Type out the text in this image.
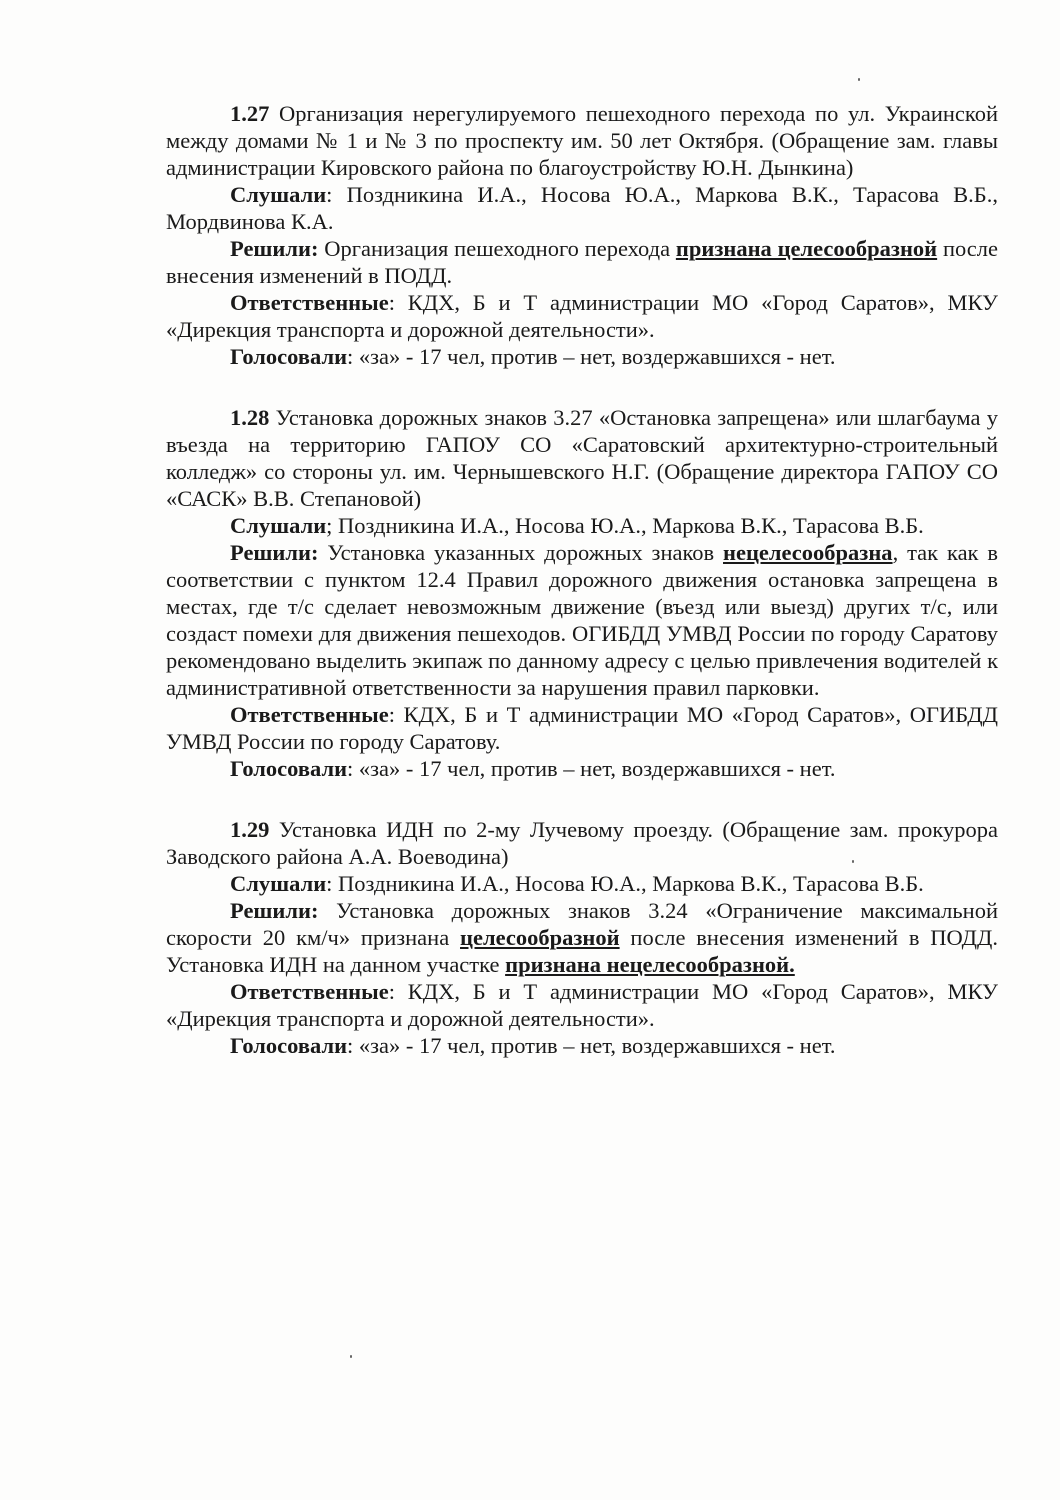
1.27 Организация нерегулируемого пешеходного перехода по ул. Украинской между домами № 1 и № 3 по проспекту им. 50 лет Октября. (Обращение зам. главы администрации Кировского района по благоустройству Ю.Н. Дынкина)

Слушали: Поздникина И.А., Носова Ю.А., Маркова В.К., Тарасова В.Б., Мордвинова К.А.

Решили: Организация пешеходного перехода признана целесообразной после внесения изменений в ПОДД.

Ответственные: КДХ, Б и Т администрации МО «Город Саратов», МКУ «Дирекция транспорта и дорожной деятельности».

Голосовали: «за» - 17 чел, против – нет, воздержавшихся - нет.

1.28 Установка дорожных знаков 3.27 «Остановка запрещена» или шлагбаума у въезда на территорию ГАПОУ СО «Саратовский архитектурно-строительный колледж» со стороны ул. им. Чернышевского Н.Г. (Обращение директора ГАПОУ СО «САСК» В.В. Степановой)

Слушали; Поздникина И.А., Носова Ю.А., Маркова В.К., Тарасова В.Б.

Решили: Установка указанных дорожных знаков нецелесообразна, так как в соответствии с пунктом 12.4 Правил дорожного движения остановка запрещена в местах, где т/с сделает невозможным движение (въезд или выезд) других т/с, или создаст помехи для движения пешеходов. ОГИБДД УМВД России по городу Саратову рекомендовано выделить экипаж по данному адресу с целью привлечения водителей к административной ответственности за нарушения правил парковки.

Ответственные: КДХ, Б и Т администрации МО «Город Саратов», ОГИБДД УМВД России по городу Саратову.

Голосовали: «за» - 17 чел, против – нет, воздержавшихся - нет.

1.29 Установка ИДН по 2-му Лучевому проезду. (Обращение зам. прокурора Заводского района А.А. Воеводина)

Слушали: Поздникина И.А., Носова Ю.А., Маркова В.К., Тарасова В.Б.

Решили: Установка дорожных знаков 3.24 «Ограничение максимальной скорости 20 км/ч» признана целесообразной после внесения изменений в ПОДД. Установка ИДН на данном участке признана нецелесообразной.

Ответственные: КДХ, Б и Т администрации МО «Город Саратов», МКУ «Дирекция транспорта и дорожной деятельности».

Голосовали: «за» - 17 чел, против – нет, воздержавшихся - нет.
